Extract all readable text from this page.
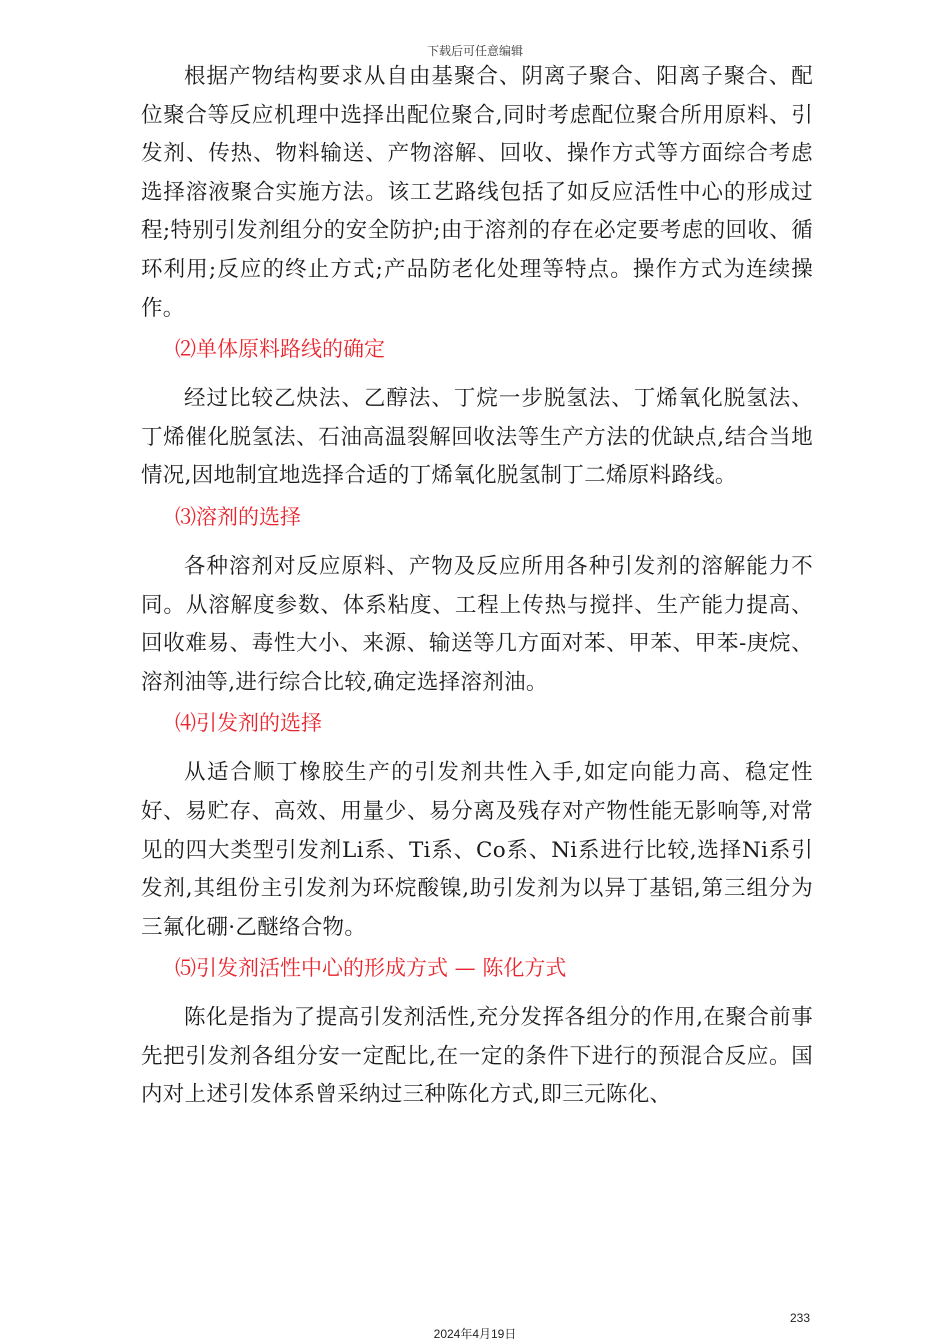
下载后可任意编辑

根据产物结构要求从自由基聚合、阴离子聚合、阳离子聚合、配位聚合等反应机理中选择出配位聚合,同时考虑配位聚合所用原料、引发剂、传热、物料输送、产物溶解、回收、操作方式等方面综合考虑选择溶液聚合实施方法。该工艺路线包括了如反应活性中心的形成过程;特别引发剂组分的安全防护;由于溶剂的存在必定要考虑的回收、循环利用;反应的终止方式;产品防老化处理等特点。操作方式为连续操作。

⑵单体原料路线的确定

经过比较乙炔法、乙醇法、丁烷一步脱氢法、丁烯氧化脱氢法、丁烯催化脱氢法、石油高温裂解回收法等生产方法的优缺点,结合当地情况,因地制宜地选择合适的丁烯氧化脱氢制丁二烯原料路线。

⑶溶剂的选择

各种溶剂对反应原料、产物及反应所用各种引发剂的溶解能力不同。从溶解度参数、体系粘度、工程上传热与搅拌、生产能力提高、回收难易、毒性大小、来源、输送等几方面对苯、甲苯、甲苯-庚烷、溶剂油等,进行综合比较,确定选择溶剂油。

⑷引发剂的选择

从适合顺丁橡胶生产的引发剂共性入手,如定向能力高、稳定性好、易贮存、高效、用量少、易分离及残存对产物性能无影响等,对常见的四大类型引发剂Li系、Ti系、Co系、Ni系进行比较,选择Ni系引发剂,其组份主引发剂为环烷酸镍,助引发剂为以异丁基铝,第三组分为三氟化硼·乙醚络合物。

⑸引发剂活性中心的形成方式 — 陈化方式

陈化是指为了提高引发剂活性,充分发挥各组分的作用,在聚合前事先把引发剂各组分安一定配比,在一定的条件下进行的预混合反应。国内对上述引发体系曾采纳过三种陈化方式,即三元陈化、

233
2024年4月19日
